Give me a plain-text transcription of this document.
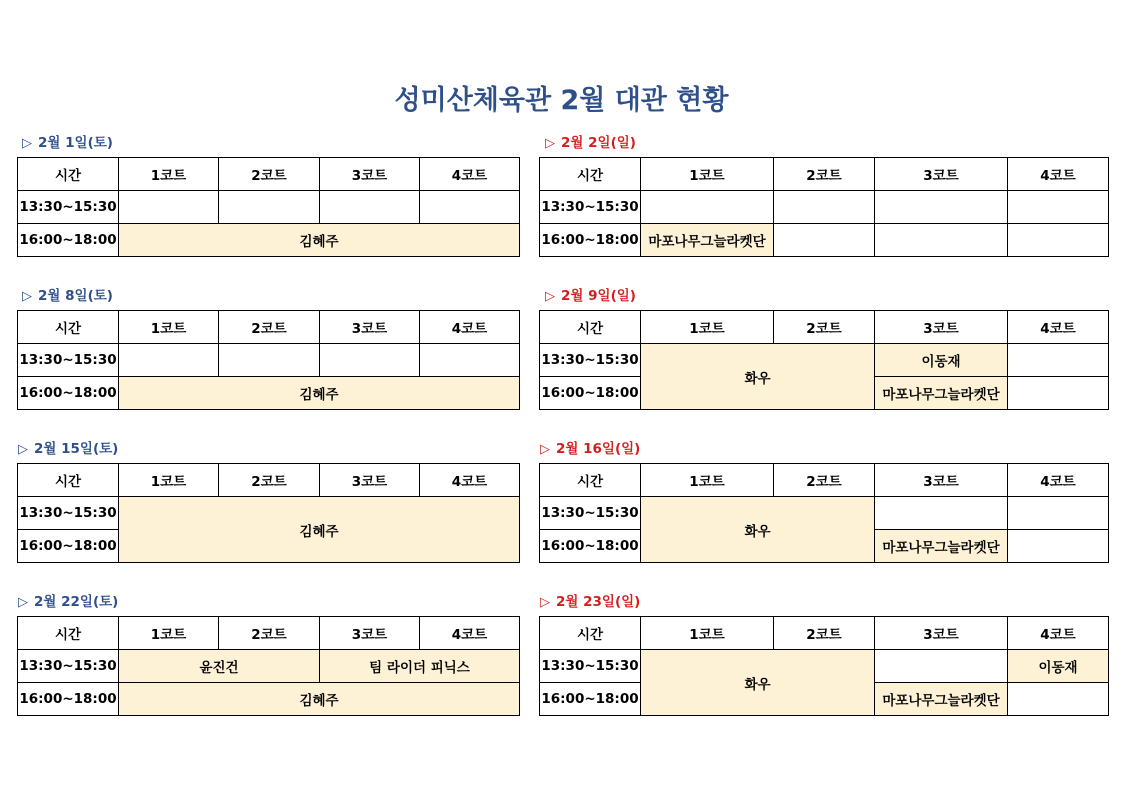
성미산체육관 2월 대관 현황
▷ 2월 1일(토)
시간	1코트	2코트	3코트	4코트
13:30~15:30				
16:00~18:00	김혜주			
▷ 2월 2일(일)
시간	1코트	2코트	3코트	4코트
13:30~15:30				
16:00~18:00	마포나무그늘라켓단			
▷ 2월 8일(토)
시간	1코트	2코트	3코트	4코트
13:30~15:30				
16:00~18:00	김혜주			
▷ 2월 9일(일)
시간	1코트	2코트	3코트	4코트
13:30~15:30	화우		이동재	
16:00~18:00			마포나무그늘라켓단	
▷ 2월 15일(토)
시간	1코트	2코트	3코트	4코트
13:30~15:30	김혜주			
16:00~18:00				
▷ 2월 16일(일)
시간	1코트	2코트	3코트	4코트
13:30~15:30	화우			
16:00~18:00			마포나무그늘라켓단	
▷ 2월 22일(토)
시간	1코트	2코트	3코트	4코트
13:30~15:30	윤진건		팀 라이더 피닉스	
16:00~18:00	김혜주			
▷ 2월 23일(일)
시간	1코트	2코트	3코트	4코트
13:30~15:30	화우			이동재
16:00~18:00			마포나무그늘라켓단	
